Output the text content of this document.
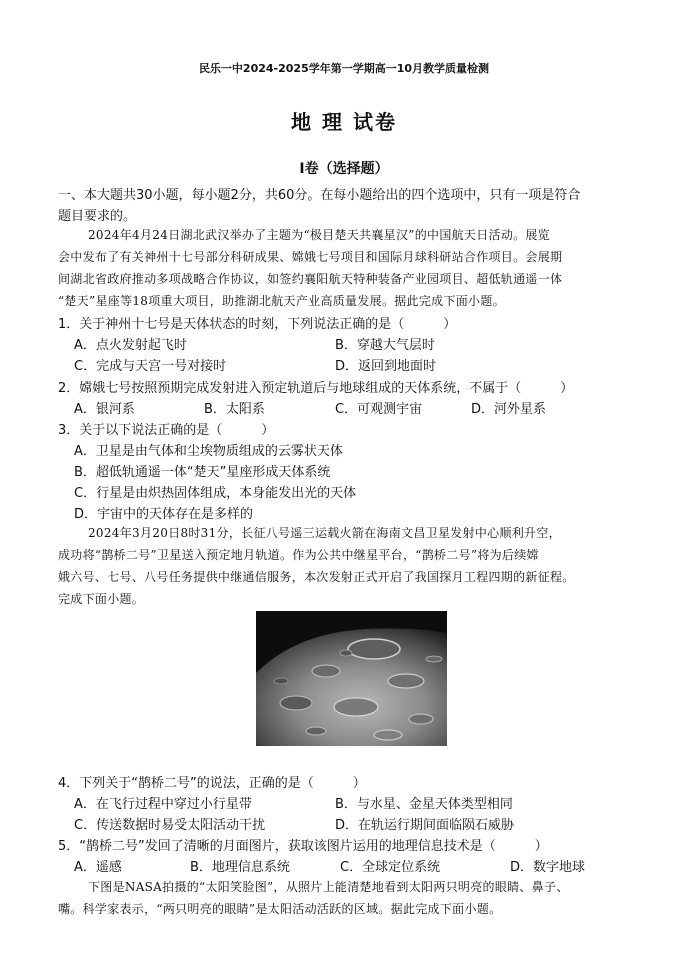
民乐一中2024-2025学年第一学期高一10月教学质量检测
地 理 试卷
I卷（选择题）
一、本大题共30小题，每小题2分，共60分。在每小题给出的四个选项中，只有一项是符合
题目要求的。
2024年4月24日湖北武汉举办了主题为“极目楚天共襄星汉”的中国航天日活动。展览
会中发布了有关神州十七号部分科研成果、嫦娥七号项目和国际月球科研站合作项目。会展期
间湖北省政府推动多项战略合作协议，如签约襄阳航天特种装备产业园项目、超低轨通遥一体
“楚天”星座等18项重大项目，助推湖北航天产业高质量发展。据此完成下面小题。
1．关于神州十七号是天体状态的时刻，下列说法正确的是（　　　）
A．点火发射起飞时	B．穿越大气层时
C．完成与天宫一号对接时	D．返回到地面时
2．嫦娥七号按照预期完成发射进入预定轨道后与地球组成的天体系统，不属于（　　　）
A．银河系	B．太阳系	C．可观测宇宙	D．河外星系
3．关于以下说法正确的是（　　　）
A．卫星是由气体和尘埃物质组成的云雾状天体
B．超低轨通遥一体“楚天”星座形成天体系统
C．行星是由炽热固体组成，本身能发出光的天体
D．宇宙中的天体存在是多样的
2024年3月20日8时31分，长征八号遥三运载火箭在海南文昌卫星发射中心顺利升空，
成功将“鹊桥二号”卫星送入预定地月轨道。作为公共中继星平台，“鹊桥二号”将为后续嫦
娥六号、七号、八号任务提供中继通信服务，本次发射正式开启了我国探月工程四期的新征程。
完成下面小题。
4．下列关于“鹊桥二号”的说法，正确的是（　　　）
A．在飞行过程中穿过小行星带	B．与水星、金星天体类型相同
C．传送数据时易受太阳活动干扰	D．在轨运行期间面临陨石威胁
5．“鹊桥二号”发回了清晰的月面图片，获取该图片运用的地理信息技术是（　　　）
A．遥感	B．地理信息系统	C．全球定位系统	D．数字地球
下图是NASA拍摄的“太阳笑脸图”，从照片上能清楚地看到太阳两只明亮的眼睛、鼻子、
嘴。科学家表示，“两只明亮的眼睛”是太阳活动活跃的区域。据此完成下面小题。
